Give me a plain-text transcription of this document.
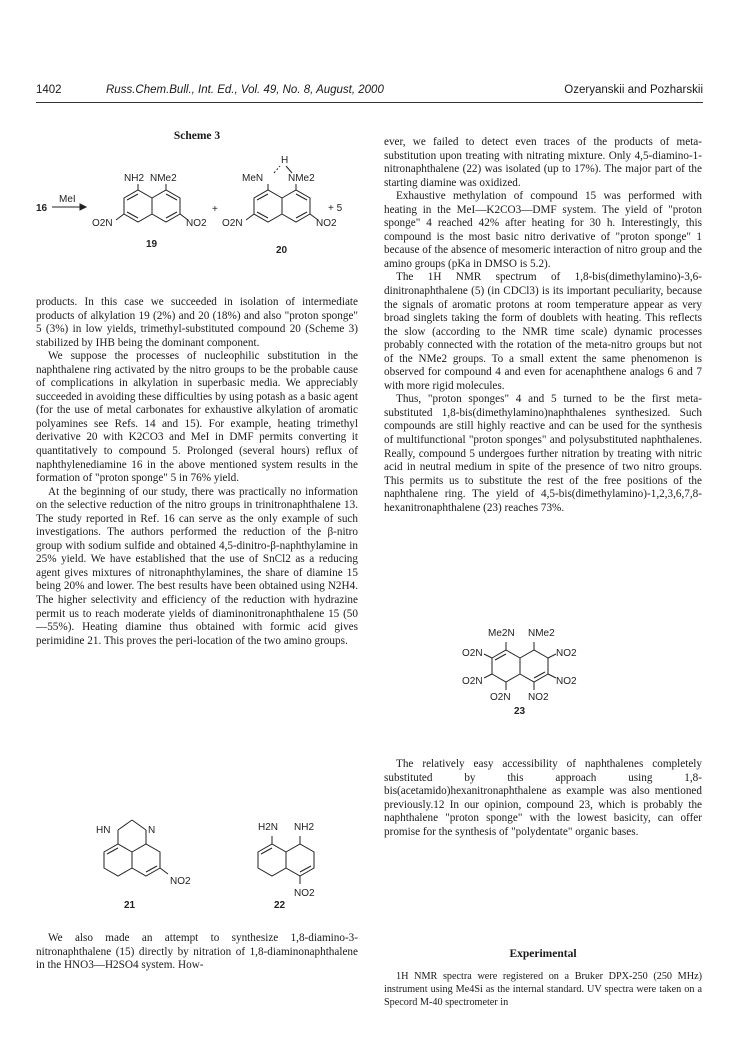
1402	Russ.Chem.Bull., Int. Ed., Vol. 49, No. 8, August, 2000	Ozeryanskii and Pozharskii
Scheme 3
16
MeI
NH2 NMe2
O2N	NO2
19
+
H
MeN NMe2
O2N	NO2
20
+ 5

products. In this case we succeeded in isolation of intermediate products of alkylation 19 (2%) and 20 (18%) and also "proton sponge" 5 (3%) in low yields, trimethyl-substituted compound 20 (Scheme 3) stabilized by IHB being the dominant component.

We suppose the processes of nucleophilic substitution in the naphthalene ring activated by the nitro groups to be the probable cause of complications in alkylation in superbasic media. We appreciably succeeded in avoiding these difficulties by using potash as a basic agent (for the use of metal carbonates for exhaustive alkylation of aromatic polyamines see Refs. 14 and 15). For example, heating trimethyl derivative 20 with K2CO3 and MeI in DMF permits converting it quantitatively to compound 5. Prolonged (several hours) reflux of naphthylenediamine 16 in the above mentioned system results in the formation of "proton sponge" 5 in 76% yield.

At the beginning of our study, there was practically no information on the selective reduction of the nitro groups in trinitronaphthalene 13. The study reported in Ref. 16 can serve as the only example of such investigations. The authors performed the reduction of the β-nitro group with sodium sulfide and obtained 4,5-dinitro-β-naphthylamine in 25% yield. We have established that the use of SnCl2 as a reducing agent gives mixtures of nitronaphthylamines, the share of diamine 15 being 20% and lower. The best results have been obtained using N2H4. The higher selectivity and efficiency of the reduction with hydrazine permit us to reach moderate yields of diaminonitronaphthalene 15 (50—55%). Heating diamine thus obtained with formic acid gives perimidine 21. This proves the peri-location of the two amino groups.

HN	N
NO2
21
H2N NH2
NO2
22

We also made an attempt to synthesize 1,8-diamino-3-nitronaphthalene (15) directly by nitration of 1,8-diaminonaphthalene in the HNO3—H2SO4 system. How-

ever, we failed to detect even traces of the products of meta-substitution upon treating with nitrating mixture. Only 4,5-diamino-1-nitronaphthalene (22) was isolated (up to 17%). The major part of the starting diamine was oxidized.

Exhaustive methylation of compound 15 was performed with heating in the MeI—K2CO3—DMF system. The yield of "proton sponge" 4 reached 42% after heating for 30 h. Interestingly, this compound is the most basic nitro derivative of "proton sponge" 1 because of the absence of mesomeric interaction of nitro group and the amino groups (pKa in DMSO is 5.2).

The 1H NMR spectrum of 1,8-bis(dimethylamino)-3,6-dinitronaphthalene (5) (in CDCl3) is its important peculiarity, because the signals of aromatic protons at room temperature appear as very broad singlets taking the form of doublets with heating. This reflects the slow (according to the NMR time scale) dynamic processes probably connected with the rotation of the meta-nitro groups but not of the NMe2 groups. To a small extent the same phenomenon is observed for compound 4 and even for acenaphthene analogs 6 and 7 with more rigid molecules.

Thus, "proton sponges" 4 and 5 turned to be the first meta-substituted 1,8-bis(dimethylamino)naphthalenes synthesized. Such compounds are still highly reactive and can be used for the synthesis of multifunctional "proton sponges" and polysubstituted naphthalenes. Really, compound 5 undergoes further nitration by treating with nitric acid in neutral medium in spite of the presence of two nitro groups. This permits us to substitute the rest of the free positions of the naphthalene ring. The yield of 4,5-bis(dimethylamino)-1,2,3,6,7,8-hexanitronaphthalene (23) reaches 73%.

Me2N NMe2
O2N	NO2
O2N	NO2
O2N NO2
23

The relatively easy accessibility of naphthalenes completely substituted by this approach using 1,8-bis(acetamido)hexanitronaphthalene as example was also mentioned previously.12 In our opinion, compound 23, which is probably the naphthalene "proton sponge" with the lowest basicity, can offer promise for the synthesis of "polydentate" organic bases.

Experimental

1H NMR spectra were registered on a Bruker DPX-250 (250 MHz) instrument using Me4Si as the internal standard. UV spectra were taken on a Specord M-40 spectrometer in
